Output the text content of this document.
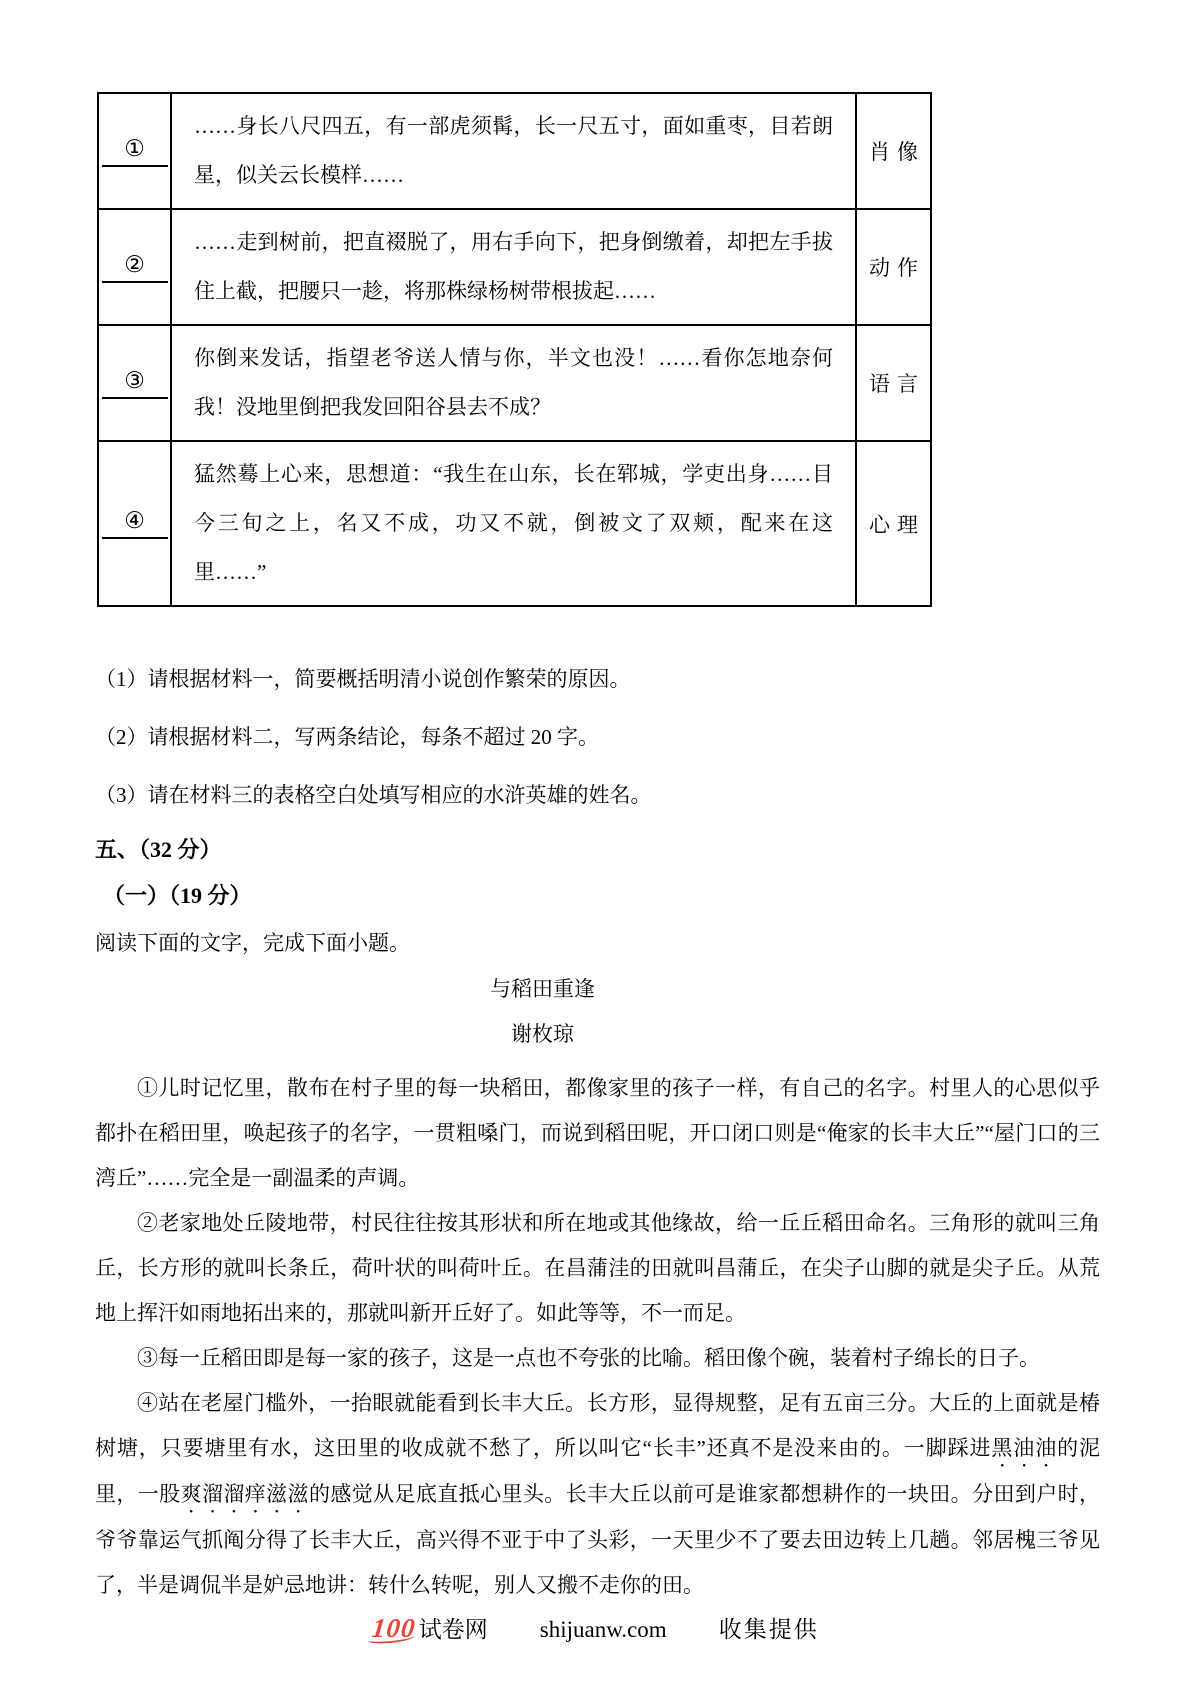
①	……身长八尺四五，有一部虎须髯，长一尺五寸，面如重枣，目若朗星，似关云长模样……	肖像
②	……走到树前，把直裰脱了，用右手向下，把身倒缴着，却把左手拔住上截，把腰只一趁，将那株绿杨树带根拔起……	动作
③	你倒来发话，指望老爷送人情与你，半文也没！……看你怎地奈何我！没地里倒把我发回阳谷县去不成？	语言
④	猛然蓦上心来，思想道：“我生在山东，长在郓城，学吏出身……目今三旬之上，名又不成，功又不就，倒被文了双颊，配来在这里……”	心理
（1）请根据材料一，简要概括明清小说创作繁荣的原因。
（2）请根据材料二，写两条结论，每条不超过 20 字。
（3）请在材料三的表格空白处填写相应的水浒英雄的姓名。
五、（32 分）
（一）（19 分）
阅读下面的文字，完成下面小题。
与稻田重逢
谢枚琼

①儿时记忆里，散布在村子里的每一块稻田，都像家里的孩子一样，有自己的名字。村里人的心思似乎都扑在稻田里，唤起孩子的名字，一贯粗嗓门，而说到稻田呢，开口闭口则是“俺家的长丰大丘”“屋门口的三湾丘”……完全是一副温柔的声调。

②老家地处丘陵地带，村民往往按其形状和所在地或其他缘故，给一丘丘稻田命名。三角形的就叫三角丘，长方形的就叫长条丘，荷叶状的叫荷叶丘。在昌蒲洼的田就叫昌蒲丘，在尖子山脚的就是尖子丘。从荒地上挥汗如雨地拓出来的，那就叫新开丘好了。如此等等，不一而足。

③每一丘稻田即是每一家的孩子，这是一点也不夸张的比喻。稻田像个碗，装着村子绵长的日子。

④站在老屋门槛外，一抬眼就能看到长丰大丘。长方形，显得规整，足有五亩三分。大丘的上面就是椿树塘，只要塘里有水，这田里的收成就不愁了，所以叫它“长丰”还真不是没来由的。一脚踩进黑油油的泥里，一股爽溜溜痒滋滋的感觉从足底直抵心里头。长丰大丘以前可是谁家都想耕作的一块田。分田到户时，爷爷靠运气抓阄分得了长丰大丘，高兴得不亚于中了头彩，一天里少不了要去田边转上几趟。邻居槐三爷见了，半是调侃半是妒忌地讲：转什么转呢，别人又搬不走你的田。

100 试卷网 shijuanw.com 收集提供
